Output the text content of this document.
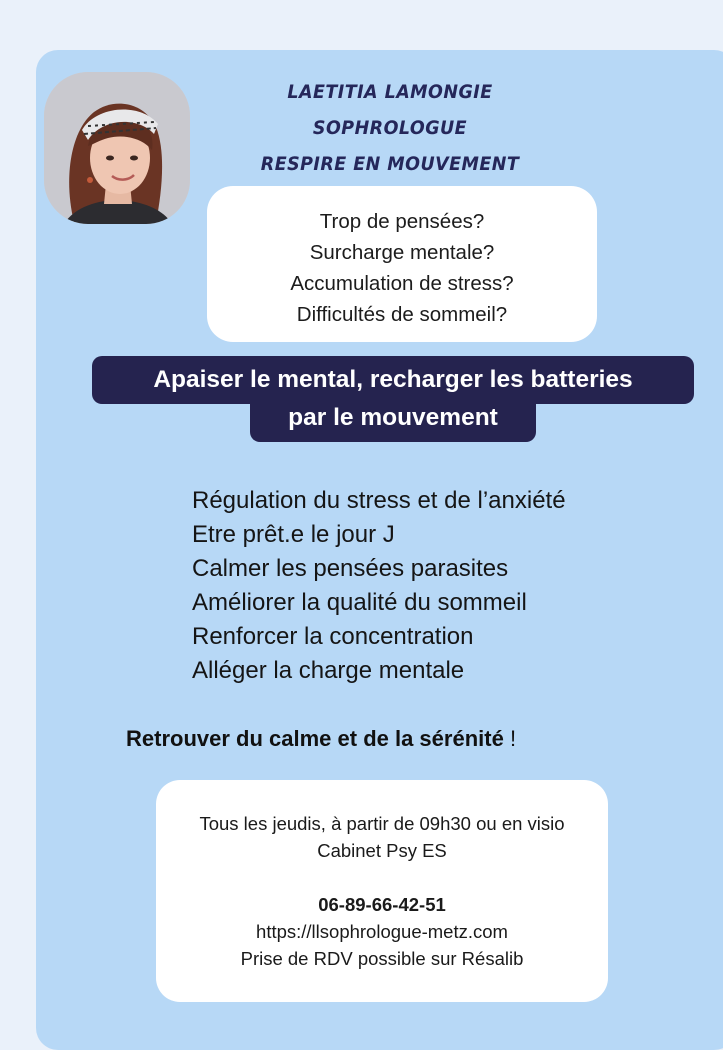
LAETITIA LAMONGIE
SOPHROLOGUE
RESPIRE EN MOUVEMENT
Trop de pensées?
Surcharge mentale?
Accumulation de stress?
Difficultés de sommeil?
par le mouvement
Apaiser le mental, recharger les batteries
Régulation du stress et de l’anxiété
Etre prêt.e le jour J
Calmer les pensées parasites
Améliorer la qualité du sommeil
Renforcer la concentration
Alléger la charge mentale
Retrouver du calme et de la sérénité !
Tous les jeudis, à partir de 09h30 ou en visio
Cabinet Psy ES
06-89-66-42-51
https://llsophrologue-metz.com
Prise de RDV possible sur Résalib
